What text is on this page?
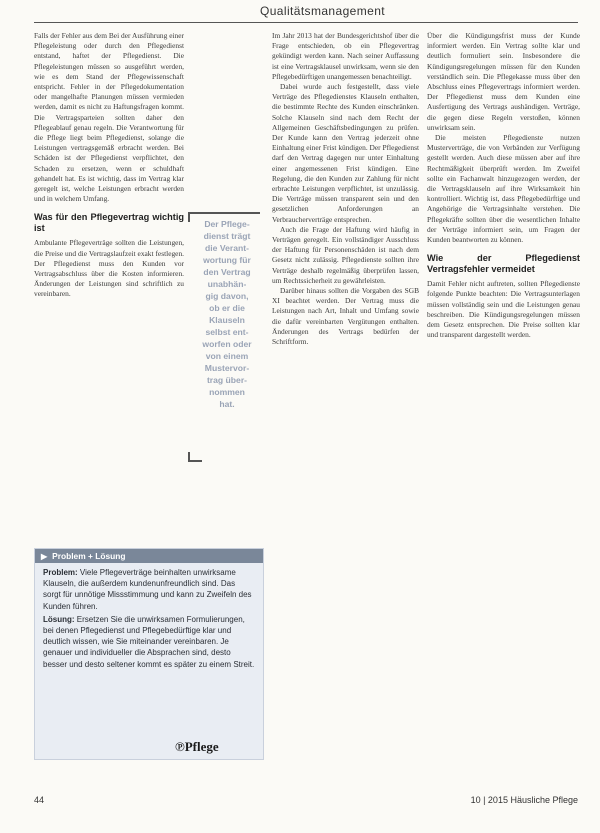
Qualitätsmanagement

Falls der Fehler aus dem Bei der Ausführung einer Pflegeleistung oder durch den Pflegedienst entstand, haftet der Pflegedienst. Die Pflegeleistungen müssen so ausgeführt werden, wie es dem Stand der Pflegewissenschaft entspricht. Fehler in der Pflegedokumentation oder mangelhafte Planungen müssen vermieden werden, damit es nicht zu Haftungsfragen kommt. Die Vertragsparteien sollten daher den Pflegeablauf genau regeln. Die Verantwortung für die Pflege liegt beim Pflegedienst, solange die Leistungen vertragsgemäß erbracht werden. Bei Schäden ist der Pflegedienst verpflichtet, den Schaden zu ersetzen, wenn er schuldhaft gehandelt hat. Es ist wichtig, dass im Vertrag klar geregelt ist, welche Leistungen erbracht werden und in welchem Umfang.

Was für den Pflegevertrag wichtig ist

Ambulante Pflegeverträge sollten die Leistungen, die Preise und die Vertragslaufzeit exakt festlegen. Der Pflegedienst muss den Kunden vor Vertragsabschluss über die Kosten informieren. Änderungen der Leistungen sind schriftlich zu vereinbaren.

Der Pflege-
dienst trägt
die Verant-
wortung für
den Vertrag
unabhän-
gig davon,
ob er die
Klauseln
selbst ent-
worfen oder
von einem
Mustervor-
trag über-
nommen
hat.
▶ Problem + Lösung
Problem: Viele Pflegeverträge beinhalten unwirksame Klauseln, die außerdem kundenunfreundlich sind. Das sorgt für unnötige Missstimmung und kann zu Zweifeln des Kunden führen.
Lösung: Ersetzen Sie die unwirksamen Formulierungen, bei denen Pflegedienst und Pflegebedürftige klar und deutlich wissen, wie Sie miteinander vereinbaren. Je genauer und individueller die Absprachen sind, desto besser und desto seltener kommt es später zu einem Streit.
℗Pflege

Im Jahr 2013 hat der Bundesgerichtshof über die Frage entschieden, ob ein Pflegevertrag gekündigt werden kann. Nach seiner Auffassung ist eine Vertragsklausel unwirksam, wenn sie den Pflegebedürftigen unangemessen benachteiligt.

Dabei wurde auch festgestellt, dass viele Verträge des Pflegedienstes Klauseln enthalten, die bestimmte Rechte des Kunden einschränken. Solche Klauseln sind nach dem Recht der Allgemeinen Geschäftsbedingungen zu prüfen. Der Kunde kann den Vertrag jederzeit ohne Einhaltung einer Frist kündigen. Der Pflegedienst darf den Vertrag dagegen nur unter Einhaltung einer angemessenen Frist kündigen. Eine Regelung, die den Kunden zur Zahlung für nicht erbrachte Leistungen verpflichtet, ist unzulässig. Die Verträge müssen transparent sein und den gesetzlichen Anforderungen an Verbraucherverträge entsprechen.

Auch die Frage der Haftung wird häufig in Verträgen geregelt. Ein vollständiger Ausschluss der Haftung für Personenschäden ist nach dem Gesetz nicht zulässig. Pflegedienste sollten ihre Verträge deshalb regelmäßig überprüfen lassen, um Rechtssicherheit zu gewährleisten.

Darüber hinaus sollten die Vorgaben des SGB XI beachtet werden. Der Vertrag muss die Leistungen nach Art, Inhalt und Umfang sowie die dafür vereinbarten Vergütungen enthalten. Änderungen des Vertrags bedürfen der Schriftform.

Über die Kündigungsfrist muss der Kunde informiert werden. Ein Vertrag sollte klar und deutlich formuliert sein. Insbesondere die Kündigungsregelungen müssen für den Kunden verständlich sein. Die Pflegekasse muss über den Abschluss eines Pflegevertrags informiert werden. Der Pflegedienst muss dem Kunden eine Ausfertigung des Vertrags aushändigen. Verträge, die gegen diese Regeln verstoßen, können unwirksam sein.

Die meisten Pflegedienste nutzen Musterverträge, die von Verbänden zur Verfügung gestellt werden. Auch diese müssen aber auf ihre Rechtmäßigkeit überprüft werden. Im Zweifel sollte ein Fachanwalt hinzugezogen werden, der die Vertragsklauseln auf ihre Wirksamkeit hin kontrolliert. Wichtig ist, dass Pflegebedürftige und Angehörige die Vertragsinhalte verstehen. Die Pflegekräfte sollten über die wesentlichen Inhalte der Verträge informiert sein, um Fragen der Kunden beantworten zu können.

Wie der Pflegedienst Vertragsfehler vermeidet

Damit Fehler nicht auftreten, sollten Pflegedienste folgende Punkte beachten: Die Vertragsunterlagen müssen vollständig sein und die Leistungen genau beschreiben. Die Kündigungsregelungen müssen dem Gesetz entsprechen. Die Preise sollten klar und transparent dargestellt werden.

44	10 | 2015 Häusliche Pflege
